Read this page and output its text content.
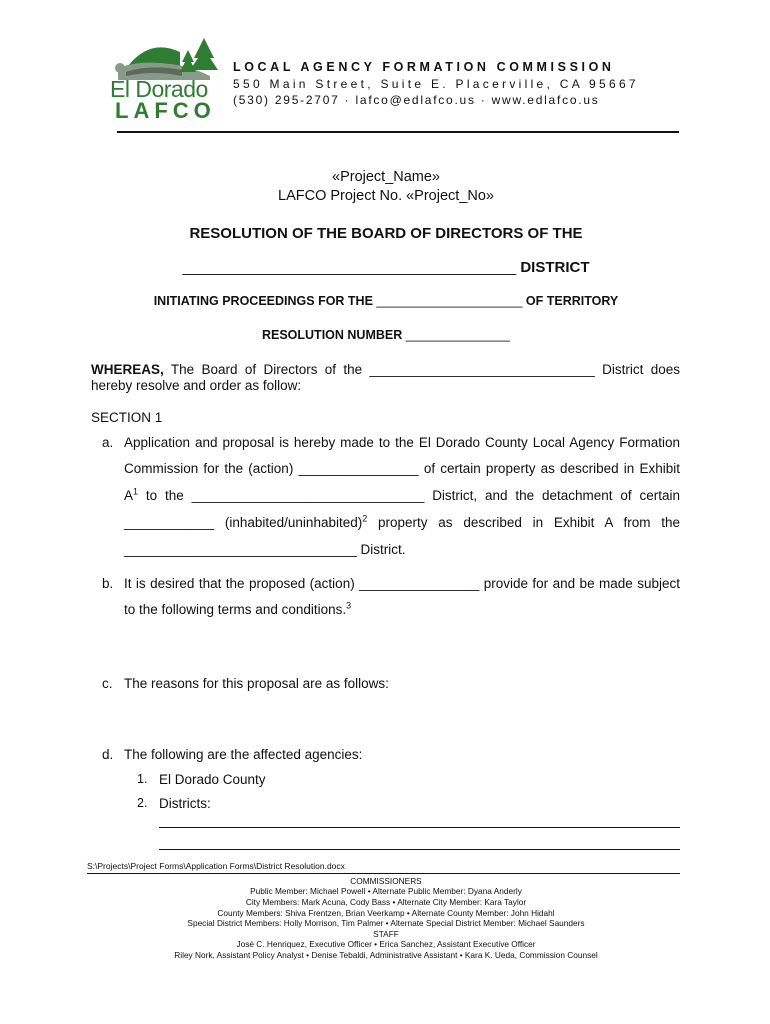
El Dorado
LAFCO
LOCAL AGENCY FORMATION COMMISSION
550 Main Street, Suite E. Placerville, CA 95667
(530) 295-2707 · lafco@edlafco.us · www.edlafco.us
«Project_Name»
LAFCO Project No. «Project_No»
RESOLUTION OF THE BOARD OF DIRECTORS OF THE
________________________________________ DISTRICT
INITIATING PROCEEDINGS FOR THE _____________________ OF TERRITORY
RESOLUTION NUMBER _______________
WHEREAS, The Board of Directors of the ______________________________ District does
hereby resolve and order as follow:
SECTION 1
a. Application and proposal is hereby made to the El Dorado County Local Agency Formation
Commission for the (action) ________________ of certain property as described in Exhibit
$A^1$ to the _______________________________ District, and the detachment of certain
____________ (inhabited/uninhabited)$^2$ property as described in Exhibit A from the
_______________________________ District.
b. It is desired that the proposed (action) ________________ provide for and be made subject
to the following terms and conditions.$^3$
c. The reasons for this proposal are as follows:
d. The following are the affected agencies:
1. El Dorado County
2. Districts:
S:\Projects\Project Forms\Application Forms\District Resolution.docx
COMMISSIONERS
Public Member: Michael Powell • Alternate Public Member: Dyana Anderly
City Members: Mark Acuna, Cody Bass • Alternate City Member: Kara Taylor
County Members: Shiva Frentzen, Brian Veerkamp • Alternate County Member: John Hidahl
Special District Members: Holly Morrison, Tim Palmer • Alternate Special District Member: Michael Saunders
STAFF
José C. Henriquez, Executive Officer • Erica Sanchez, Assistant Executive Officer
Riley Nork, Assistant Policy Analyst • Denise Tebaldi, Administrative Assistant • Kara K. Ueda, Commission Counsel
